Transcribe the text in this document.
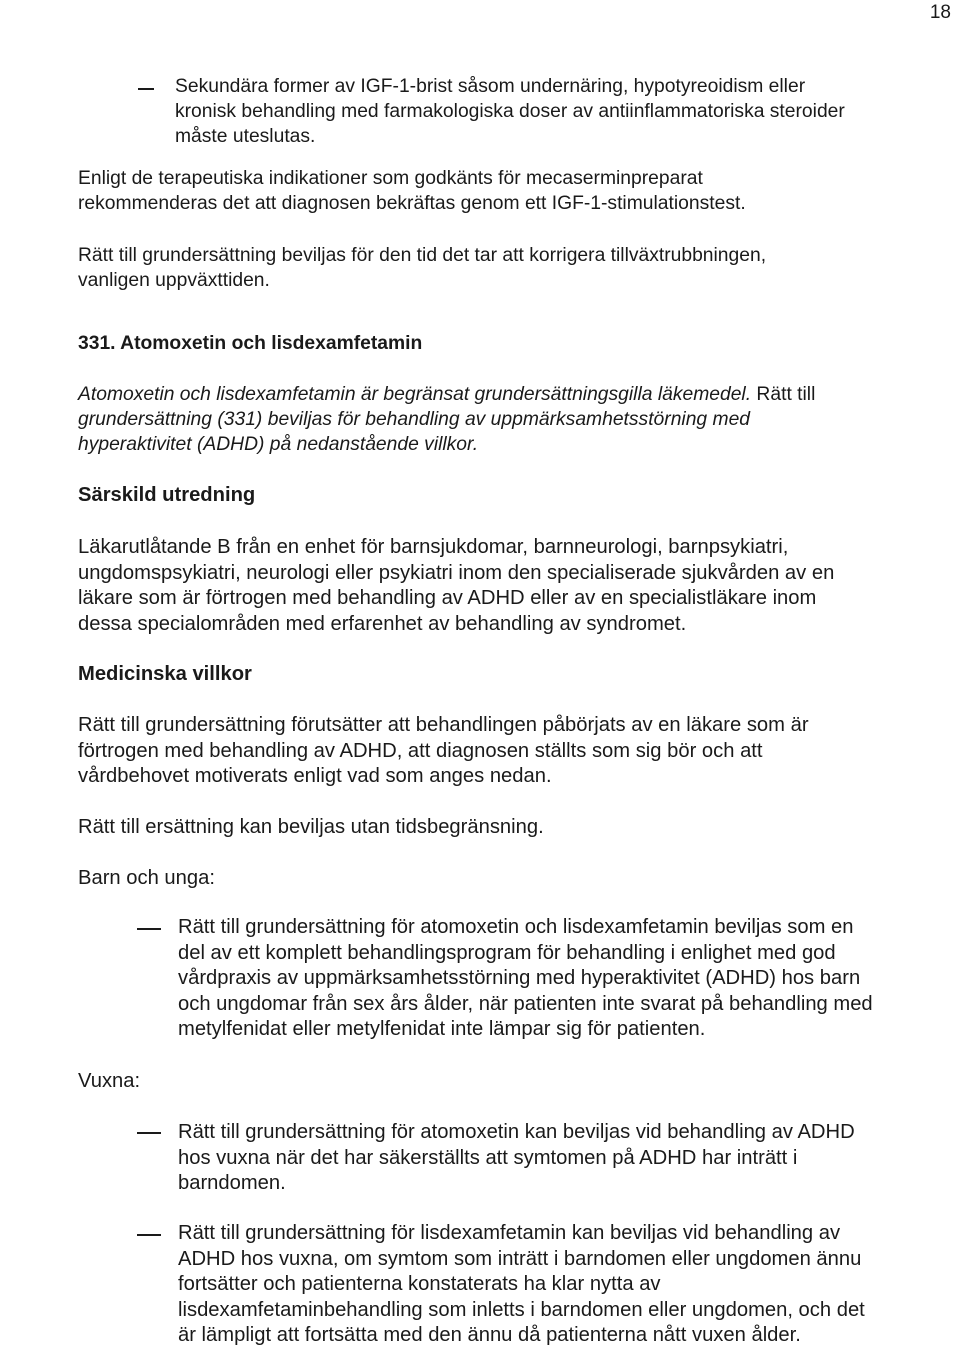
18

Sekundära former av IGF-1-brist såsom undernäring, hypotyreoidism eller

kronisk behandling med farmakologiska doser av antiinflammatoriska steroider

måste uteslutas.

Enligt de terapeutiska indikationer som godkänts för mecaserminpreparat

rekommenderas det att diagnosen bekräftas genom ett IGF-1-stimulationstest.

Rätt till grundersättning beviljas för den tid det tar att korrigera tillväxtrubbningen,

vanligen uppväxttiden.

331. Atomoxetin och lisdexamfetamin

Atomoxetin och lisdexamfetamin är begränsat grundersättningsgilla läkemedel. Rätt till

grundersättning (331) beviljas för behandling av uppmärksamhetsstörning med

hyperaktivitet (ADHD) på nedanstående villkor.

Särskild utredning

Läkarutlåtande B från en enhet för barnsjukdomar, barnneurologi, barnpsykiatri,

ungdomspsykiatri, neurologi eller psykiatri inom den specialiserade sjukvården av en

läkare som är förtrogen med behandling av ADHD eller av en specialistläkare inom

dessa specialområden med erfarenhet av behandling av syndromet.

Medicinska villkor

Rätt till grundersättning förutsätter att behandlingen påbörjats av en läkare som är

förtrogen med behandling av ADHD, att diagnosen ställts som sig bör och att

vårdbehovet motiverats enligt vad som anges nedan.

Rätt till ersättning kan beviljas utan tidsbegränsning.
Barn och unga:

Rätt till grundersättning för atomoxetin och lisdexamfetamin beviljas som en

del av ett komplett behandlingsprogram för behandling i enlighet med god

vårdpraxis av uppmärksamhetsstörning med hyperaktivitet (ADHD) hos barn

och ungdomar från sex års ålder, när patienten inte svarat på behandling med

metylfenidat eller metylfenidat inte lämpar sig för patienten.

Vuxna:

Rätt till grundersättning för atomoxetin kan beviljas vid behandling av ADHD

hos vuxna när det har säkerställts att symtomen på ADHD har inträtt i

barndomen.

Rätt till grundersättning för lisdexamfetamin kan beviljas vid behandling av

ADHD hos vuxna, om symtom som inträtt i barndomen eller ungdomen ännu

fortsätter och patienterna konstaterats ha klar nytta av

lisdexamfetaminbehandling som inletts i barndomen eller ungdomen, och det

är lämpligt att fortsätta med den ännu då patienterna nått vuxen ålder.
